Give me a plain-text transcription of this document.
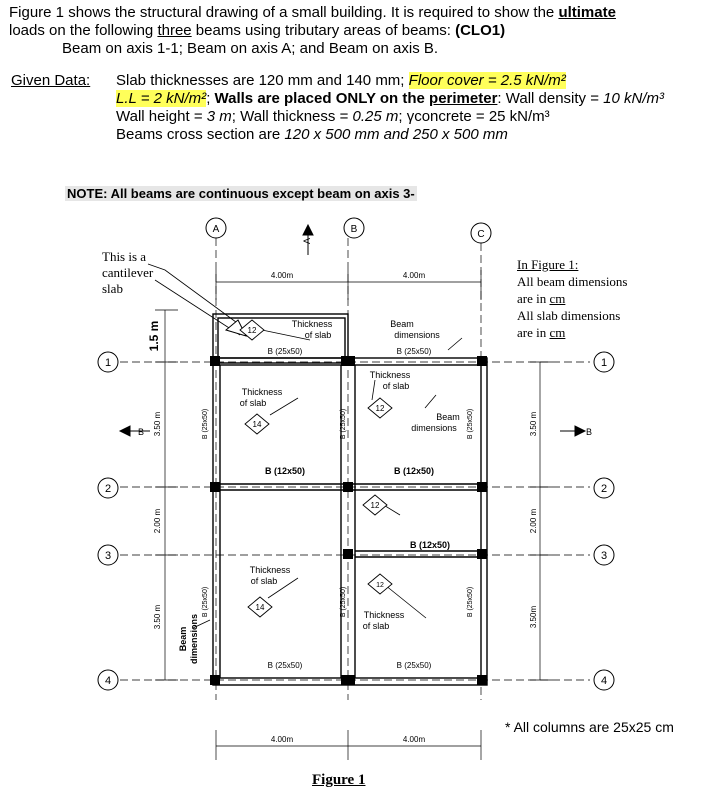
Figure 1 shows the structural drawing of a small building. It is required to show the ultimate
loads on the following three beams using tributary areas of beams: (CLO1)
Beam on axis 1-1; Beam on axis A; and Beam on axis B.
Given Data: Slab thicknesses are 120 mm and 140 mm; Floor cover = 2.5 kN/m²
L.L = 2 kN/m²; Walls are placed ONLY on the perimeter: Wall density = 10 kN/m³
Wall height = 3 m; Wall thickness = 0.25 m; γconcrete = 25 kN/m³
Beams cross section are 120 x 500 mm and 250 x 500 mm
NOTE: All beams are continuous except beam on axis 3-
A	B	C
1
2
3
4
1
2
3
4
4.00m	4.00m
4.00m	4.00m
1.5 m
3.50 m
2.00 m
3.50 m
3.50 m
2.00 m
3.50m
A
B	B
12
14
12
12
14
12
Thickness
of slab
Thickness
of slab
Thickness
of slab
Thickness
of slab
Thickness
of slab
Beam
dimensions
Beam
dimensions
Beam dimensions
B (25x50)	B (25x50)
B (12x50)	B (12x50)
B (12x50)
B (25x50)	B (25x50)
B (25x50)
B (25x50)
B (25x50)
B (25x50)
B (25x50)
B (25x50)
This is a
cantilever
slab
In Figure 1:
All beam dimensions
are in cm
All slab dimensions
are in cm
* All columns are 25x25 cm
Figure 1
